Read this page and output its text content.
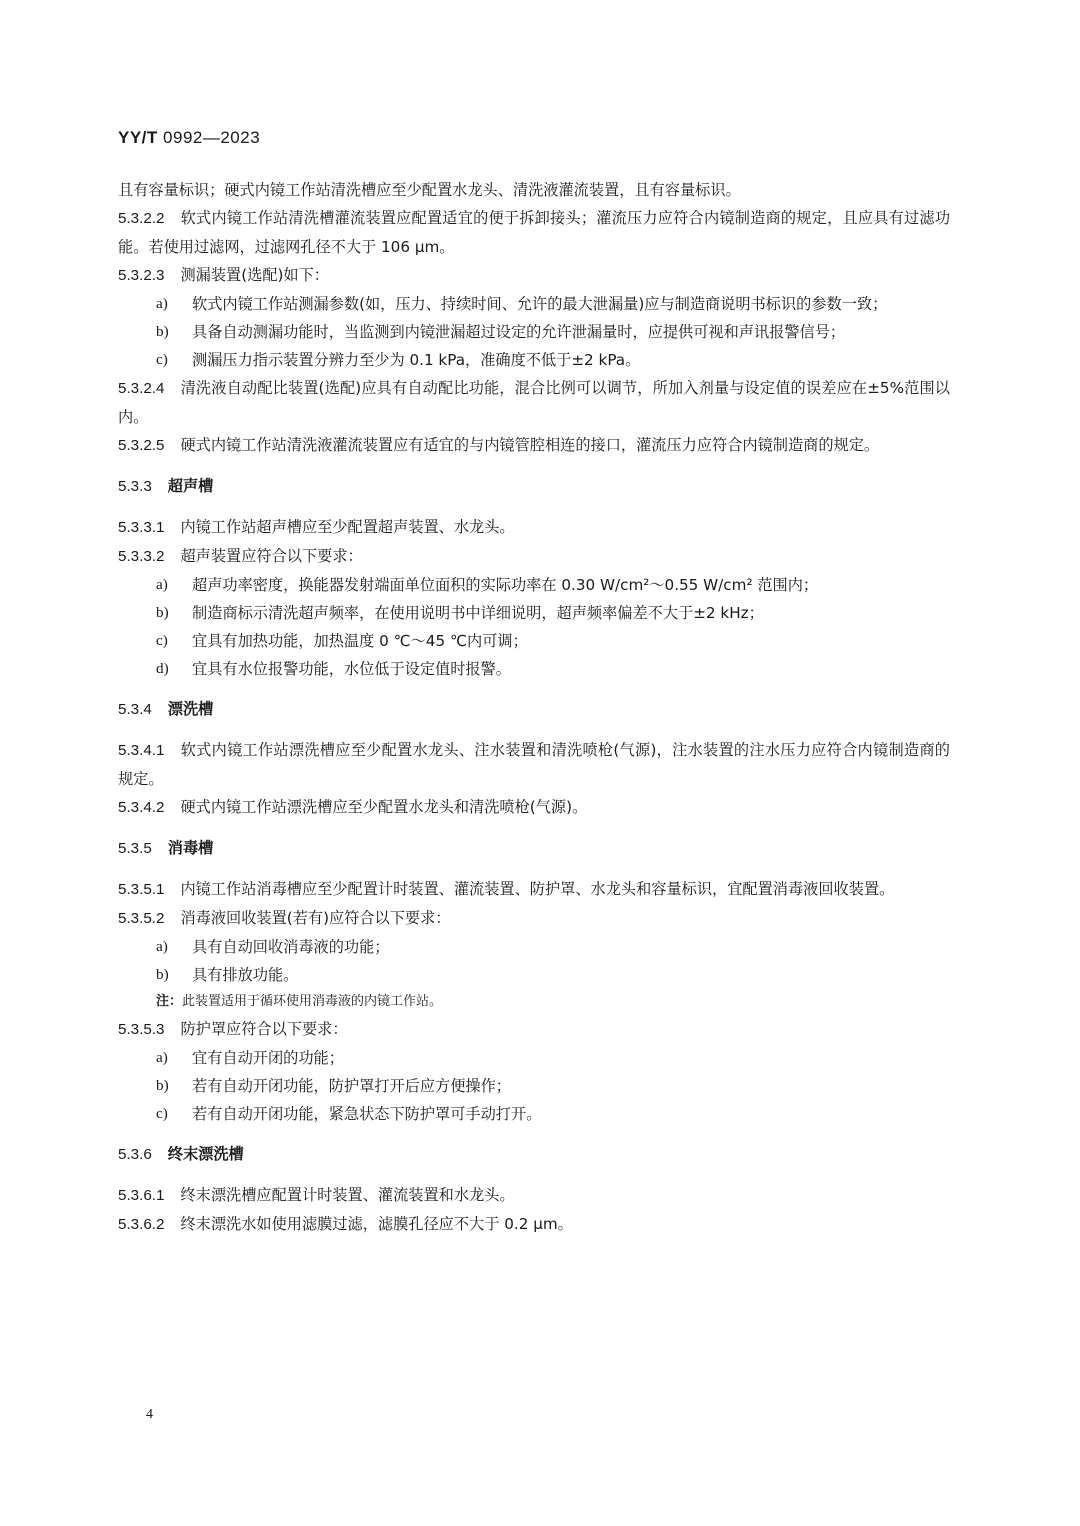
YY/T 0992—2023

且有容量标识；硬式内镜工作站清洗槽应至少配置水龙头、清洗液灌流装置，且有容量标识。

5.3.2.2 软式内镜工作站清洗槽灌流装置应配置适宜的便于拆卸接头；灌流压力应符合内镜制造商的规定，且应具有过滤功能。若使用过滤网，过滤网孔径不大于 106 μm。

5.3.2.3 测漏装置(选配)如下：

a)	软式内镜工作站测漏参数(如，压力、持续时间、允许的最大泄漏量)应与制造商说明书标识的参数一致；
b)	具备自动测漏功能时，当监测到内镜泄漏超过设定的允许泄漏量时，应提供可视和声讯报警信号；
c)	测漏压力指示装置分辨力至少为 0.1 kPa，准确度不低于±2 kPa。

5.3.2.4 清洗液自动配比装置(选配)应具有自动配比功能，混合比例可以调节，所加入剂量与设定值的误差应在±5%范围以内。

5.3.2.5 硬式内镜工作站清洗液灌流装置应有适宜的与内镜管腔相连的接口，灌流压力应符合内镜制造商的规定。

5.3.3 超声槽

5.3.3.1 内镜工作站超声槽应至少配置超声装置、水龙头。

5.3.3.2 超声装置应符合以下要求：

a)	超声功率密度，换能器发射端面单位面积的实际功率在 0.30 W/cm²～0.55 W/cm² 范围内；
b)	制造商标示清洗超声频率，在使用说明书中详细说明，超声频率偏差不大于±2 kHz；
c)	宜具有加热功能，加热温度 0 ℃～45 ℃内可调；
d)	宜具有水位报警功能，水位低于设定值时报警。
5.3.4 漂洗槽

5.3.4.1 软式内镜工作站漂洗槽应至少配置水龙头、注水装置和清洗喷枪(气源)，注水装置的注水压力应符合内镜制造商的规定。

5.3.4.2 硬式内镜工作站漂洗槽应至少配置水龙头和清洗喷枪(气源)。

5.3.5 消毒槽

5.3.5.1 内镜工作站消毒槽应至少配置计时装置、灌流装置、防护罩、水龙头和容量标识，宜配置消毒液回收装置。

5.3.5.2 消毒液回收装置(若有)应符合以下要求：

a)	具有自动回收消毒液的功能；
b)	具有排放功能。
注：此装置适用于循环使用消毒液的内镜工作站。

5.3.5.3 防护罩应符合以下要求：

a)	宜有自动开闭的功能；
b)	若有自动开闭功能，防护罩打开后应方便操作；
c)	若有自动开闭功能，紧急状态下防护罩可手动打开。
5.3.6 终末漂洗槽

5.3.6.1 终末漂洗槽应配置计时装置、灌流装置和水龙头。

5.3.6.2 终末漂洗水如使用滤膜过滤，滤膜孔径应不大于 0.2 μm。

4
